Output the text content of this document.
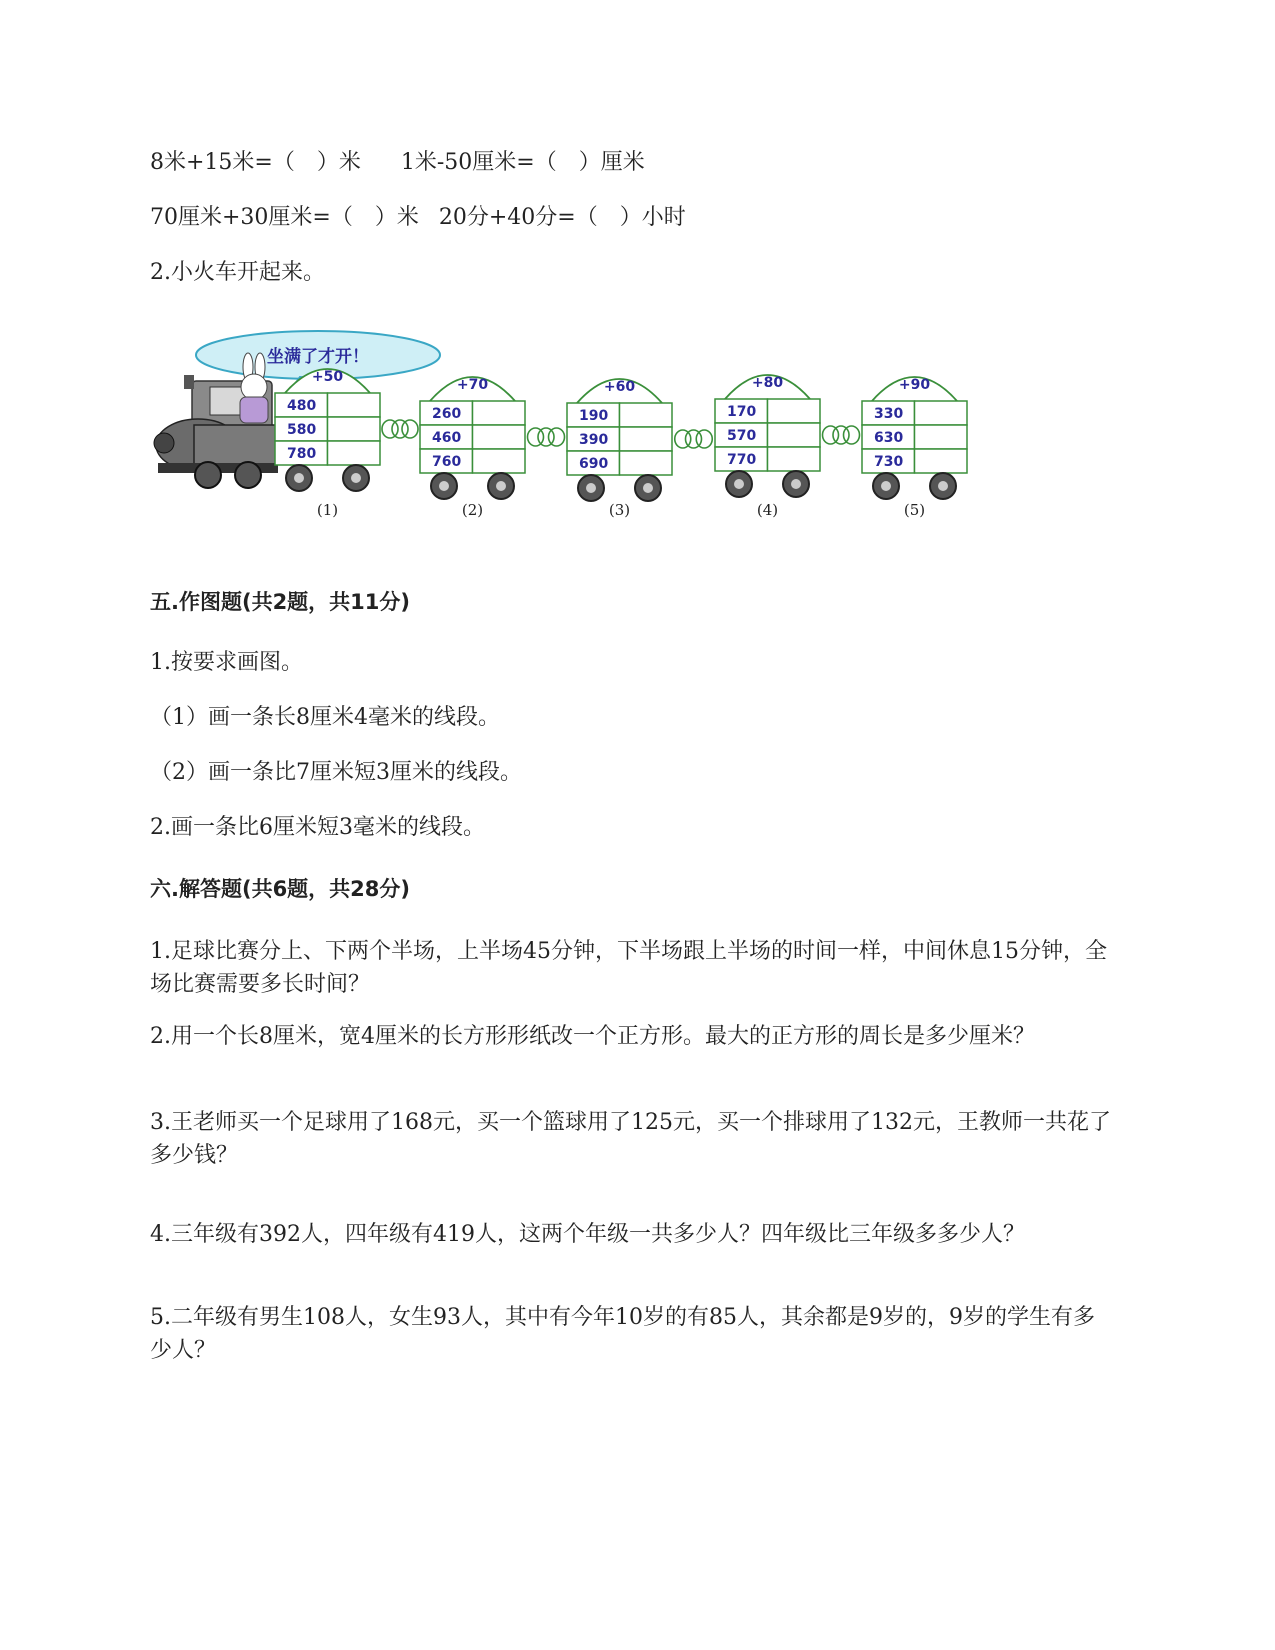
8米+15米=（　）米 1米-50厘米=（　）厘米
70厘米+30厘米=（　）米 20分+40分=（　）小时
2.小火车开起来。
坐满了才开！
+50
480
580
780
(1)
+70
260
460
760
(2)
+60
190
390
690
(3)
+80
170
570
770
(4)
+90
330
630
730
(5)
五.作图题(共2题，共11分)
1.按要求画图。
（1）画一条长8厘米4毫米的线段。
（2）画一条比7厘米短3厘米的线段。
2.画一条比6厘米短3毫米的线段。
六.解答题(共6题，共28分)
1.足球比赛分上、下两个半场，上半场45分钟，下半场跟上半场的时间一样，中间休息15分钟，全场比赛需要多长时间？
2.用一个长8厘米，宽4厘米的长方形形纸改一个正方形。最大的正方形的周长是多少厘米？
3.王老师买一个足球用了168元，买一个篮球用了125元，买一个排球用了132元，王教师一共花了多少钱？
4.三年级有392人，四年级有419人，这两个年级一共多少人？四年级比三年级多多少人？
5.二年级有男生108人，女生93人，其中有今年10岁的有85人，其余都是9岁的，9岁的学生有多少人？
